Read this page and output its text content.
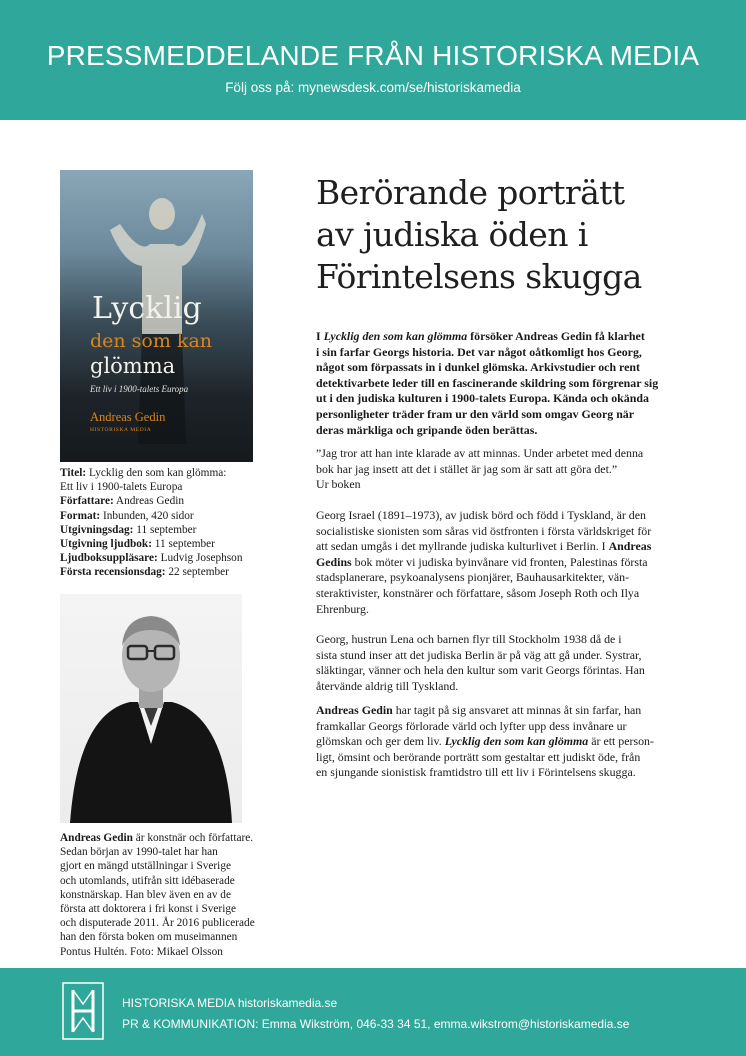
PRESSMEDDELANDE FRÅN HISTORISKA MEDIA
Följ oss på: mynewsdesk.com/se/historiskamedia
Lycklig
den som kan
glömma
Ett liv i 1900-talets Europa
Andreas Gedin
HISTORISKA MEDIA
Titel: Lycklig den som kan glömma:
Ett liv i 1900-talets Europa
Författare: Andreas Gedin
Format: Inbunden, 420 sidor
Utgivningsdag: 11 september
Utgivning ljudbok: 11 september
Ljudboksuppläsare: Ludvig Josephson
Första recensionsdag: 22 september
Andreas Gedin är konstnär och författare.
Sedan början av 1990-talet har han
gjort en mängd utställningar i Sverige
och utomlands, utifrån sitt idébaserade
konstnärskap. Han blev även en av de
första att doktorera i fri konst i Sverige
och disputerade 2011. År 2016 publicerade
han den första boken om museimannen
Pontus Hultén. Foto: Mikael Olsson
Berörande porträtt
av judiska öden i
Förintelsens skugga
I Lycklig den som kan glömma försöker Andreas Gedin få klarhet
i sin farfar Georgs historia. Det var något oåtkomligt hos Georg,
något som förpassats in i dunkel glömska. Arkivstudier och rent
detektivarbete leder till en fascinerande skildring som förgrenar sig
ut i den judiska kulturen i 1900-talets Europa. Kända och okända
personligheter träder fram ur den värld som omgav Georg när
deras märkliga och gripande öden berättas.
”Jag tror att han inte klarade av att minnas. Under arbetet med denna
bok har jag insett att det i stället är jag som är satt att göra det.”
Ur boken
Georg Israel (1891–1973), av judisk börd och född i Tyskland, är den
socialistiske sionisten som såras vid östfronten i första världskriget för
att sedan umgås i det myllrande judiska kulturlivet i Berlin. I Andreas
Gedins bok möter vi judiska byinvånare vid fronten, Palestinas första
stadsplanerare, psykoanalysens pionjärer, Bauhausarkitekter, vän-
steraktivister, konstnärer och författare, såsom Joseph Roth och Ilya
Ehrenburg.
Georg, hustrun Lena och barnen flyr till Stockholm 1938 då de i
sista stund inser att det judiska Berlin är på väg att gå under. Systrar,
släktingar, vänner och hela den kultur som varit Georgs förintas. Han
återvände aldrig till Tyskland.
Andreas Gedin har tagit på sig ansvaret att minnas åt sin farfar, han
framkallar Georgs förlorade värld och lyfter upp dess invånare ur
glömskan och ger dem liv. Lycklig den som kan glömma är ett person-
ligt, ömsint och berörande porträtt som gestaltar ett judiskt öde, från
en sjungande sionistisk framtidstro till ett liv i Förintelsens skugga.
HISTORISKA MEDIA historiskamedia.se
PR & KOMMUNIKATION: Emma Wikström, 046-33 34 51, emma.wikstrom@historiskamedia.se
